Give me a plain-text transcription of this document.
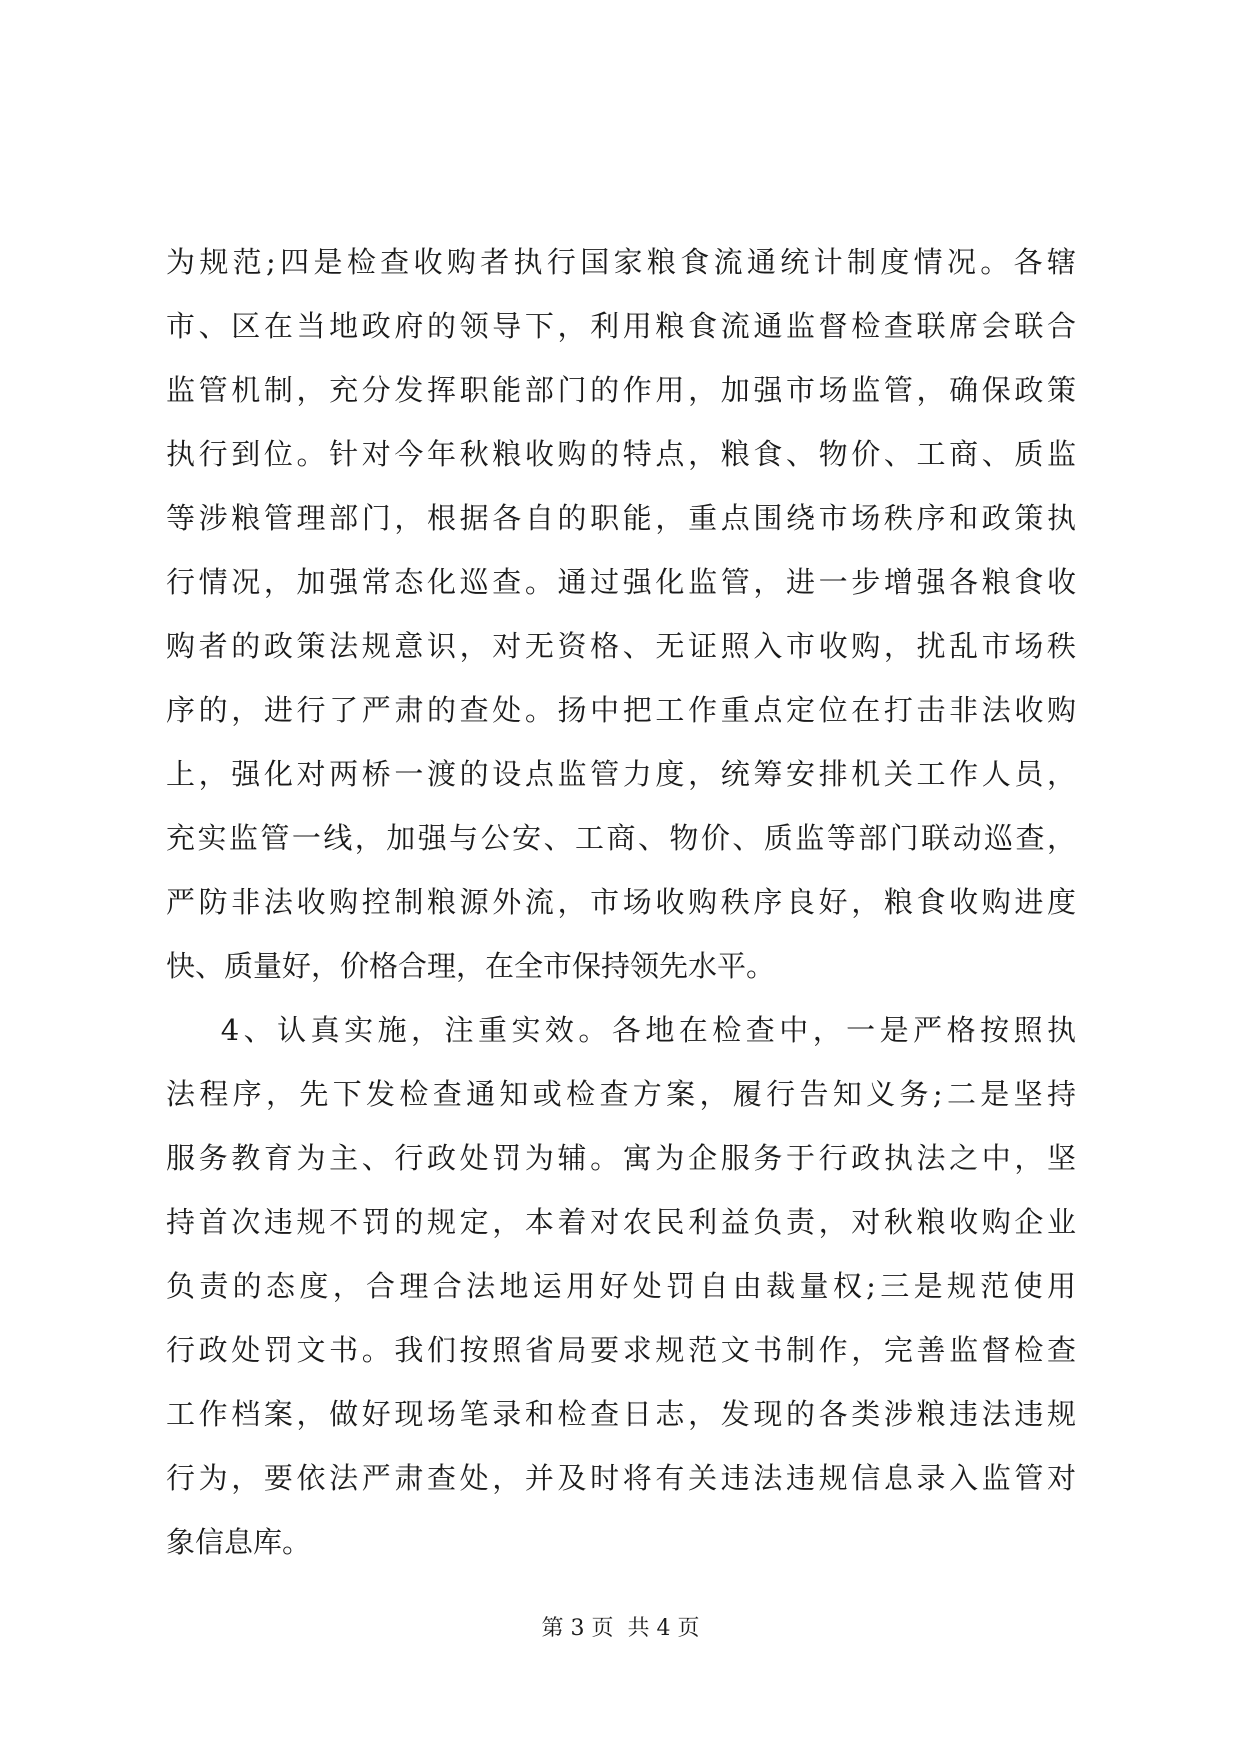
为规范;四是检查收购者执行国家粮食流通统计制度情况。各辖
市、区在当地政府的领导下，利用粮食流通监督检查联席会联合
监管机制，充分发挥职能部门的作用，加强市场监管，确保政策
执行到位。针对今年秋粮收购的特点，粮食、物价、工商、质监
等涉粮管理部门，根据各自的职能，重点围绕市场秩序和政策执
行情况，加强常态化巡查。通过强化监管，进一步增强各粮食收
购者的政策法规意识，对无资格、无证照入市收购，扰乱市场秩
序的，进行了严肃的查处。扬中把工作重点定位在打击非法收购
上，强化对两桥一渡的设点监管力度，统筹安排机关工作人员，
充实监管一线，加强与公安、工商、物价、质监等部门联动巡查，
严防非法收购控制粮源外流，市场收购秩序良好，粮食收购进度
快、质量好，价格合理，在全市保持领先水平。
4、认真实施，注重实效。各地在检查中，一是严格按照执
法程序，先下发检查通知或检查方案，履行告知义务;二是坚持
服务教育为主、行政处罚为辅。寓为企服务于行政执法之中，坚
持首次违规不罚的规定，本着对农民利益负责，对秋粮收购企业
负责的态度，合理合法地运用好处罚自由裁量权;三是规范使用
行政处罚文书。我们按照省局要求规范文书制作，完善监督检查
工作档案，做好现场笔录和检查日志，发现的各类涉粮违法违规
行为，要依法严肃查处，并及时将有关违法违规信息录入监管对
象信息库。
第 3 页  共 4 页
